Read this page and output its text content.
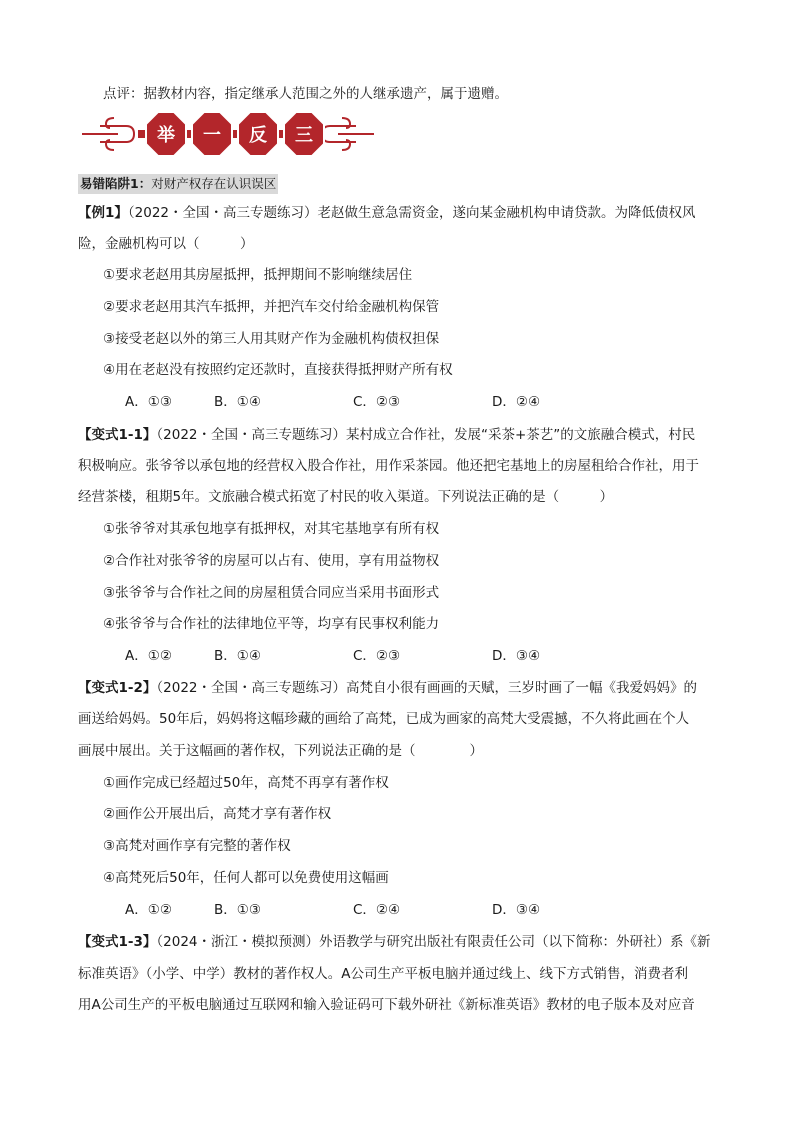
点评：据教材内容，指定继承人范围之外的人继承遗产，属于遗赠。
举 一 反 三
易错陷阱1：对财产权存在认识误区
【例1】（2022・全国・高三专题练习）老赵做生意急需资金，遂向某金融机构申请贷款。为降低债权风
险，金融机构可以（　　　）
①要求老赵用其房屋抵押，抵押期间不影响继续居住
②要求老赵用其汽车抵押，并把汽车交付给金融机构保管
③接受老赵以外的第三人用其财产作为金融机构债权担保
④用在老赵没有按照约定还款时，直接获得抵押财产所有权
A．①③	B．①④	C．②③	D．②④
【变式1-1】（2022・全国・高三专题练习）某村成立合作社，发展“采茶+茶艺”的文旅融合模式，村民
积极响应。张爷爷以承包地的经营权入股合作社，用作采茶园。他还把宅基地上的房屋租给合作社，用于
经营茶楼，租期5年。文旅融合模式拓宽了村民的收入渠道。下列说法正确的是（　　　）
①张爷爷对其承包地享有抵押权，对其宅基地享有所有权
②合作社对张爷爷的房屋可以占有、使用，享有用益物权
③张爷爷与合作社之间的房屋租赁合同应当采用书面形式
④张爷爷与合作社的法律地位平等，均享有民事权利能力
A．①②	B．①④	C．②③	D．③④
【变式1-2】（2022・全国・高三专题练习）高梵自小很有画画的天赋，三岁时画了一幅《我爱妈妈》的
画送给妈妈。50年后，妈妈将这幅珍藏的画给了高梵，已成为画家的高梵大受震撼，不久将此画在个人
画展中展出。关于这幅画的著作权，下列说法正确的是（　　　　）
①画作完成已经超过50年，高梵不再享有著作权
②画作公开展出后，高梵才享有著作权
③高梵对画作享有完整的著作权
④高梵死后50年，任何人都可以免费使用这幅画
A．①②	B．①③	C．②④	D．③④
【变式1-3】（2024・浙江・模拟预测）外语教学与研究出版社有限责任公司（以下简称：外研社）系《新
标准英语》（小学、中学）教材的著作权人。A公司生产平板电脑并通过线上、线下方式销售，消费者利
用A公司生产的平板电脑通过互联网和输入验证码可下载外研社《新标准英语》教材的电子版本及对应音
